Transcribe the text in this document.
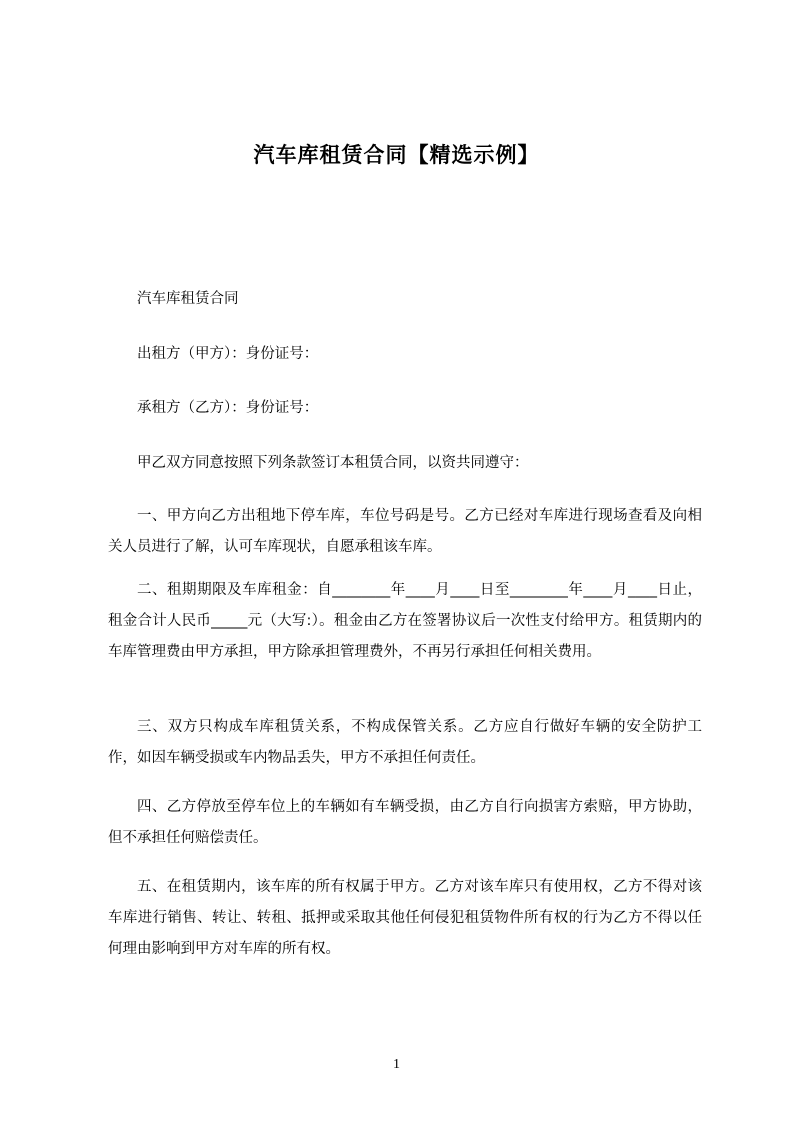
汽车库租赁合同【精选示例】

汽车库租赁合同

出租方（甲方）：身份证号：

承租方（乙方）：身份证号：

甲乙双方同意按照下列条款签订本租赁合同，以资共同遵守：

一、甲方向乙方出租地下停车库，车位号码是号。乙方已经对车库进行现场查看及向相关人员进行了解，认可车库现状，自愿承租该车库。

二、租期期限及车库租金：自________年____月____日至________年____月____日止，租金合计人民币_____元（大写:）。租金由乙方在签署协议后一次性支付给甲方。租赁期内的车库管理费由甲方承担，甲方除承担管理费外，不再另行承担任何相关费用。

三、双方只构成车库租赁关系，不构成保管关系。乙方应自行做好车辆的安全防护工作，如因车辆受损或车内物品丢失，甲方不承担任何责任。

四、乙方停放至停车位上的车辆如有车辆受损，由乙方自行向损害方索赔，甲方协助，但不承担任何赔偿责任。

五、在租赁期内，该车库的所有权属于甲方。乙方对该车库只有使用权，乙方不得对该车库进行销售、转让、转租、抵押或采取其他任何侵犯租赁物件所有权的行为乙方不得以任何理由影响到甲方对车库的所有权。

1
